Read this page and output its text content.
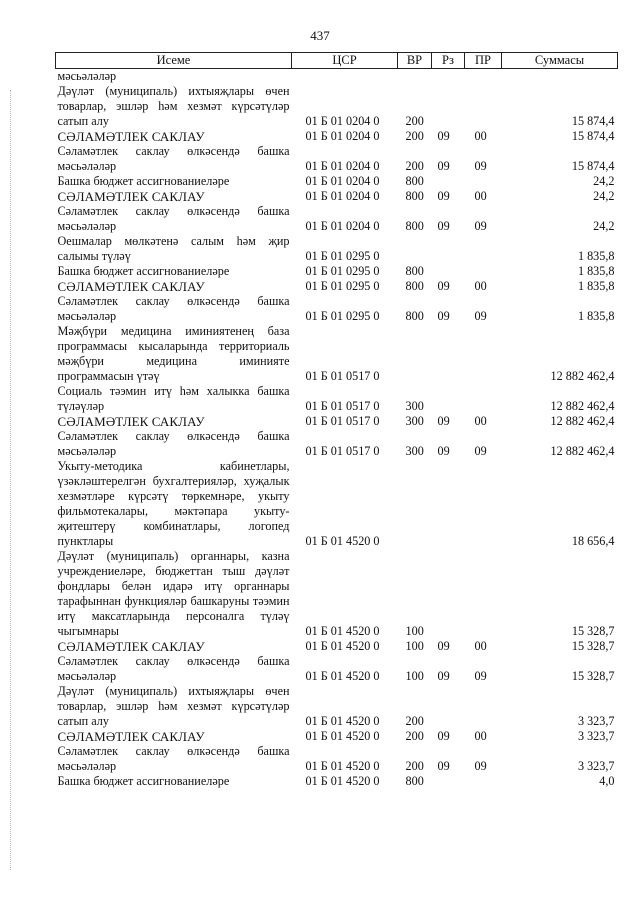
437
Исеме	ЦСР	ВР	Рз	ПР	Суммасы
мәсьәләләр					
Дәүләт (муниципаль) ихтыяҗлары өчен товарлар, эшләр һәм хезмәт күрсәтүләр сатып алу	01 Б 01 0204 0	200			15 874,4
СӘЛАМӘТЛЕК САКЛАУ	01 Б 01 0204 0	200	09	00	15 874,4
Сәламәтлек саклау өлкәсендә башка мәсьәләләр	01 Б 01 0204 0	200	09	09	15 874,4
Башка бюджет ассигнованиеләре	01 Б 01 0204 0	800			24,2
СӘЛАМӘТЛЕК САКЛАУ	01 Б 01 0204 0	800	09	00	24,2
Сәламәтлек саклау өлкәсендә башка мәсьәләләр	01 Б 01 0204 0	800	09	09	24,2
Оешмалар мөлкәтенә салым һәм җир салымы түләү	01 Б 01 0295 0				1 835,8
Башка бюджет ассигнованиеләре	01 Б 01 0295 0	800			1 835,8
СӘЛАМӘТЛЕК САКЛАУ	01 Б 01 0295 0	800	09	00	1 835,8
Сәламәтлек саклау өлкәсендә башка мәсьәләләр	01 Б 01 0295 0	800	09	09	1 835,8
Мәҗбүри медицина иминиятенең база программасы кысаларында территориаль мәҗбүри медицина иминияте программасын үтәү	01 Б 01 0517 0				12 882 462,4
Социаль тәэмин итү һәм халыкка башка түләүләр	01 Б 01 0517 0	300			12 882 462,4
СӘЛАМӘТЛЕК САКЛАУ	01 Б 01 0517 0	300	09	00	12 882 462,4
Сәламәтлек саклау өлкәсендә башка мәсьәләләр	01 Б 01 0517 0	300	09	09	12 882 462,4
Укыту-методика кабинетлары, үзәкләштерелгән бухгалтерияләр, хуҗалык хезмәтләре күрсәтү төркемнәре, укыту фильмотекалары, мәктәпара укыту-җитештерү комбинатлары, логопед пунктлары	01 Б 01 4520 0				18 656,4
Дәүләт (муниципаль) органнары, казна учреждениеләре, бюджеттан тыш дәүләт фондлары белән идарә итү органнары тарафыннан функцияләр башкаруны тәэмин итү максатларында персоналга түләү чыгымнары	01 Б 01 4520 0	100			15 328,7
СӘЛАМӘТЛЕК САКЛАУ	01 Б 01 4520 0	100	09	00	15 328,7
Сәламәтлек саклау өлкәсендә башка мәсьәләләр	01 Б 01 4520 0	100	09	09	15 328,7
Дәүләт (муниципаль) ихтыяҗлары өчен товарлар, эшләр һәм хезмәт күрсәтүләр сатып алу	01 Б 01 4520 0	200			3 323,7
СӘЛАМӘТЛЕК САКЛАУ	01 Б 01 4520 0	200	09	00	3 323,7
Сәламәтлек саклау өлкәсендә башка мәсьәләләр	01 Б 01 4520 0	200	09	09	3 323,7
Башка бюджет ассигнованиеләре	01 Б 01 4520 0	800			4,0
